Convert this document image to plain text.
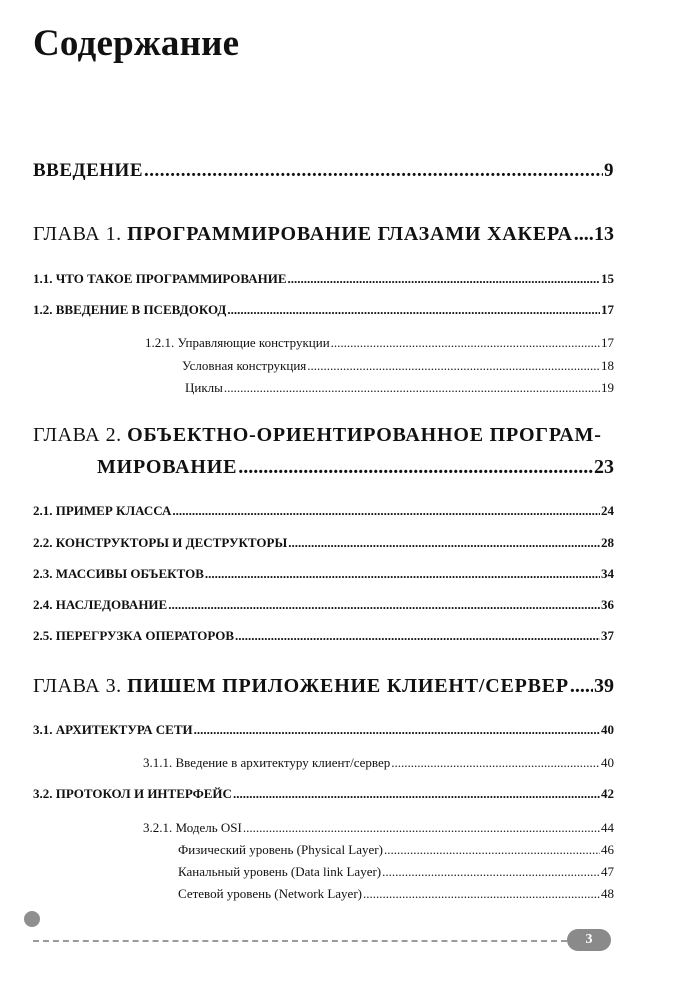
Содержание
ВВЕДЕНИЕ .....	9
ГЛАВА 1. ПРОГРАММИРОВАНИЕ ГЛАЗАМИ ХАКЕРА ..... 13
1.1. ЧТО ТАКОЕ ПРОГРАММИРОВАНИЕ .....	15
1.2. ВВЕДЕНИЕ В ПСЕВДОКОД .....	17
1.2.1. Управляющие конструкции .....	17
Условная конструкция .....	18
Циклы .....	19
ГЛАВА 2. ОБЪЕКТНО-ОРИЕНТИРОВАННОЕ ПРОГРАМ-
МИРОВАНИЕ .....	23
2.1. ПРИМЕР КЛАССА .....	24
2.2. КОНСТРУКТОРЫ И ДЕСТРУКТОРЫ .....	28
2.3. МАССИВЫ ОБЪЕКТОВ .....	34
2.4. НАСЛЕДОВАНИЕ .....	36
2.5. ПЕРЕГРУЗКА ОПЕРАТОРОВ .....	37
ГЛАВА 3. ПИШЕМ ПРИЛОЖЕНИЕ КЛИЕНТ/СЕРВЕР ..... 39
3.1. АРХИТЕКТУРА СЕТИ .....	40
3.1.1. Введение в архитектуру клиент/сервер .....	40
3.2. ПРОТОКОЛ И ИНТЕРФЕЙС .....	42
3.2.1. Модель OSI .....	44
Физический уровень (Physical Layer) .....	46
Канальный уровень (Data link Layer) .....	47
Сетевой уровень (Network Layer) .....	48
3
